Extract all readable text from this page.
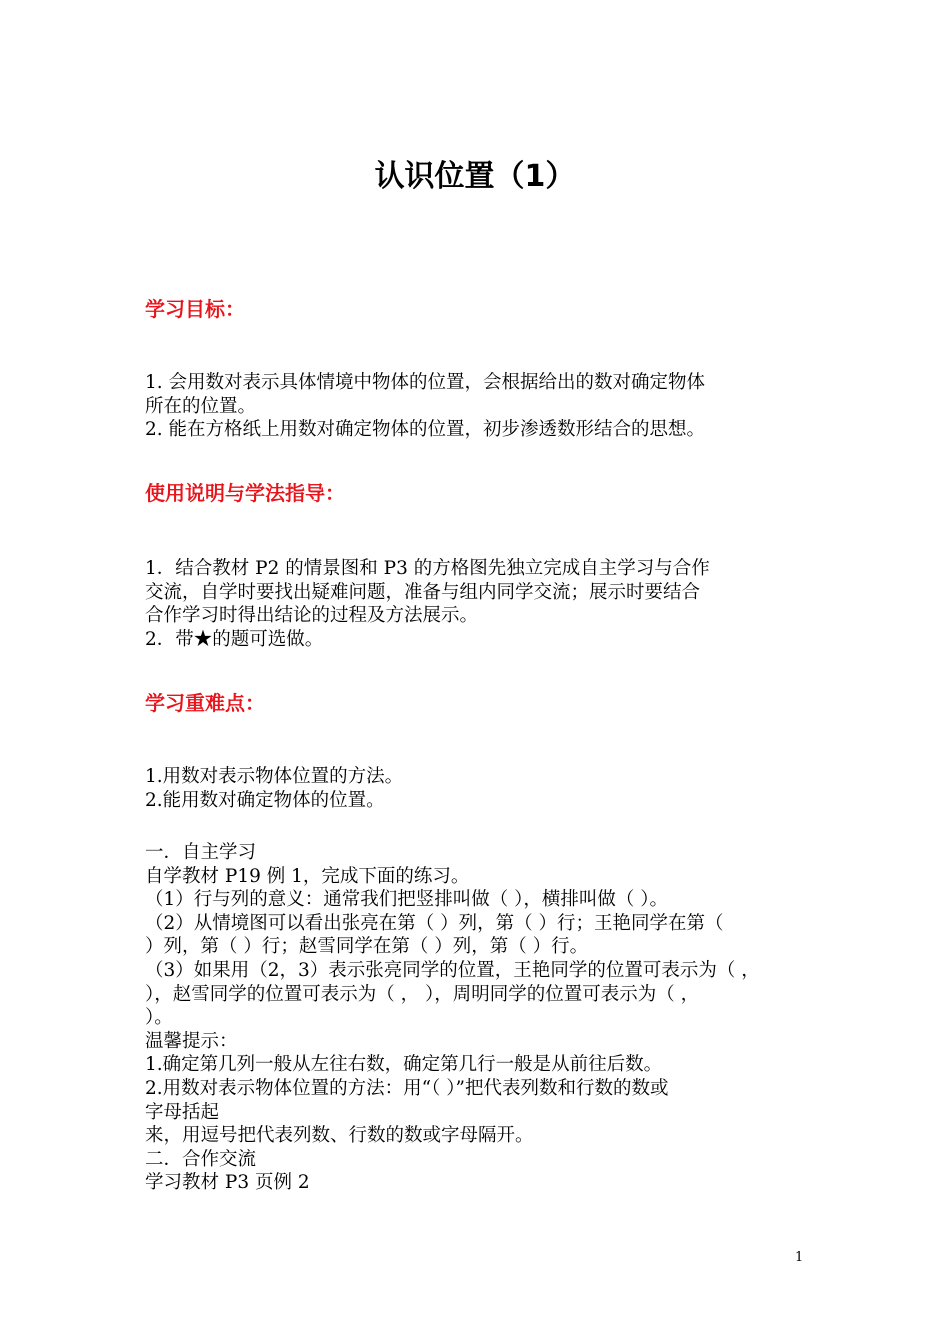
认识位置（1）
学习目标：

1. 会用数对表示具体情境中物体的位置，会根据给出的数对确定物体

所在的位置。

2. 能在方格纸上用数对确定物体的位置，初步渗透数形结合的思想。

使用说明与学法指导：

1．结合教材 P2 的情景图和 P3 的方格图先独立完成自主学习与合作

交流，自学时要找出疑难问题，准备与组内同学交流；展示时要结合

合作学习时得出结论的过程及方法展示。

2．带★的题可选做。

学习重难点：

1.用数对表示物体位置的方法。

2.能用数对确定物体的位置。

一．自主学习

自学教材 P19 例 1，完成下面的练习。

（1）行与列的意义：通常我们把竖排叫做（ ），横排叫做（ ）。

（2）从情境图可以看出张亮在第（ ）列，第（ ）行；王艳同学在第（

）列，第（ ）行；赵雪同学在第（ ）列，第（ ）行。

（3）如果用（2，3）表示张亮同学的位置，王艳同学的位置可表示为（ ，

），赵雪同学的位置可表示为（ ， ），周明同学的位置可表示为（ ，

）。

温馨提示：

1.确定第几列一般从左往右数，确定第几行一般是从前往后数。

2.用数对表示物体位置的方法：用“（ ）”把代表列数和行数的数或

字母括起

来，用逗号把代表列数、行数的数或字母隔开。

二．合作交流

学习教材 P3 页例 2

1
